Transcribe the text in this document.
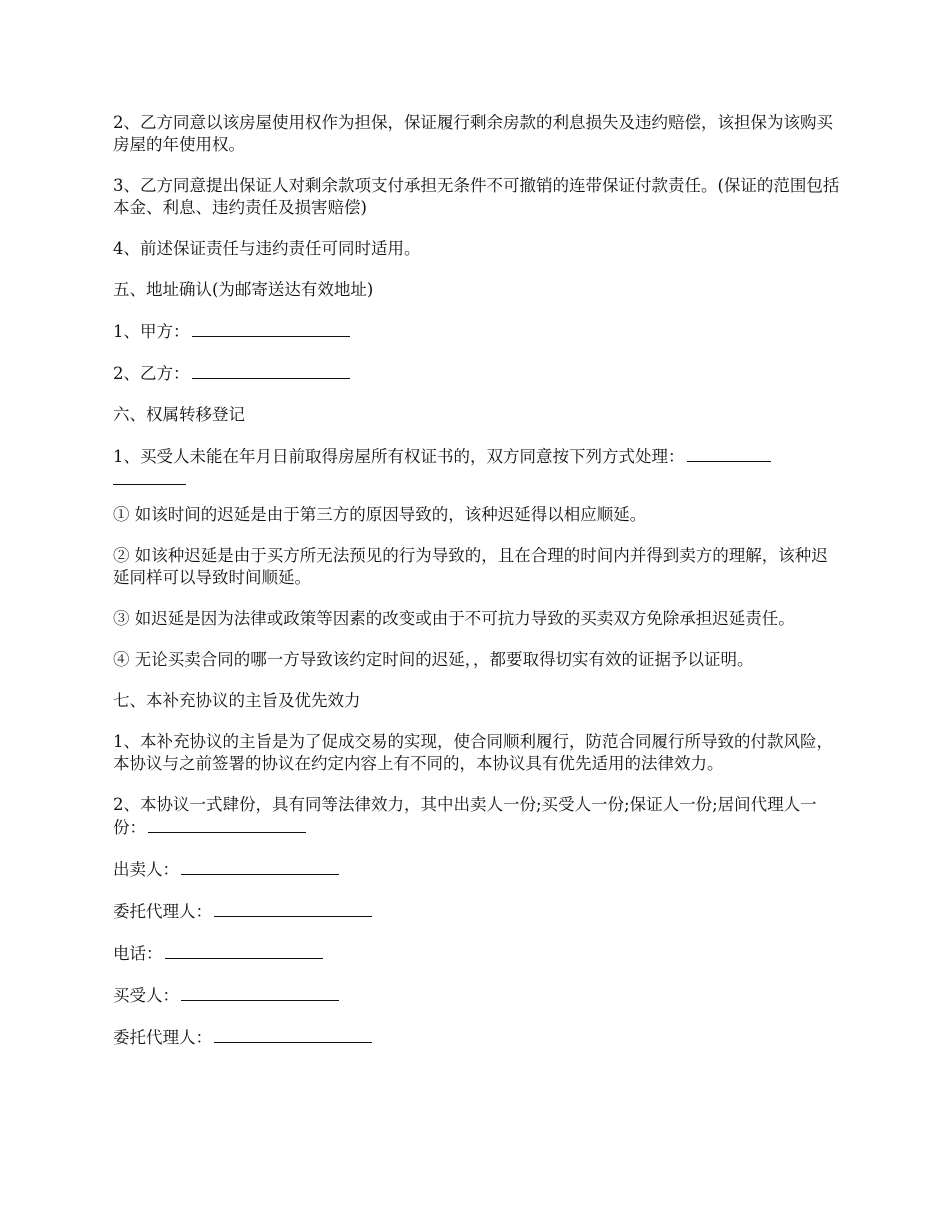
2、乙方同意以该房屋使用权作为担保，保证履行剩余房款的利息损失及违约赔偿，该担保为该购买房屋的年使用权。

3、乙方同意提出保证人对剩余款项支付承担无条件不可撤销的连带保证付款责任。(保证的范围包括本金、利息、违约责任及损害赔偿)

4、前述保证责任与违约责任可同时适用。

五、地址确认(为邮寄送达有效地址)

1、甲方：

2、乙方：

六、权属转移登记

1、买受人未能在年月日前取得房屋所有权证书的，双方同意按下列方式处理：

① 如该时间的迟延是由于第三方的原因导致的，该种迟延得以相应顺延。

② 如该种迟延是由于买方所无法预见的行为导致的，且在合理的时间内并得到卖方的理解，该种迟延同样可以导致时间顺延。

③ 如迟延是因为法律或政策等因素的改变或由于不可抗力导致的买卖双方免除承担迟延责任。

④ 无论买卖合同的哪一方导致该约定时间的迟延，，都要取得切实有效的证据予以证明。

七、本补充协议的主旨及优先效力

1、本补充协议的主旨是为了促成交易的实现，使合同顺利履行，防范合同履行所导致的付款风险，本协议与之前签署的协议在约定内容上有不同的，本协议具有优先适用的法律效力。

2、本协议一式肆份，具有同等法律效力，其中出卖人一份;买受人一份;保证人一份;居间代理人一份：

出卖人：

委托代理人：

电话：

买受人：

委托代理人：
